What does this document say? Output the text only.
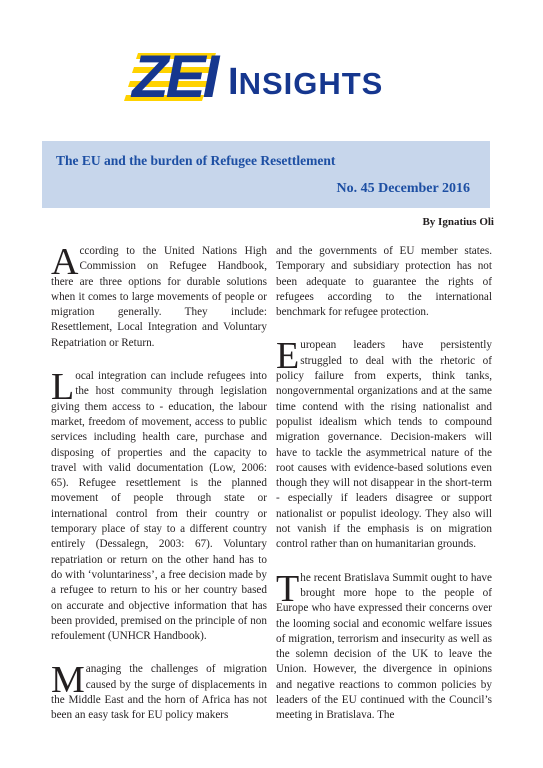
ZEI INSIGHTS
The EU and the burden of Refugee Resettlement
No. 45 December 2016
By Ignatius Oli

According to the United Nations High Commission on Refugee Handbook, there are three options for durable solutions when it comes to large movements of people or migration generally. They include: Resettlement, Local Integration and Voluntary Repatriation or Return.

Local integration can include refugees into the host community through legislation giving them access to - education, the labour market, freedom of movement, access to public services including health care, purchase and disposing of properties and the capacity to travel with valid documentation (Low, 2006: 65). Refugee resettlement is the planned movement of people through state or international control from their country or temporary place of stay to a different country entirely (Dessalegn, 2003: 67). Voluntary repatriation or return on the other hand has to do with ‘voluntariness’, a free decision made by a refugee to return to his or her country based on accurate and objective information that has been provided, premised on the principle of non refoulement (UNHCR Handbook).

Managing the challenges of migration caused by the surge of displacements in the Middle East and the horn of Africa has not been an easy task for EU policy makers

and the governments of EU member states. Temporary and subsidiary protection has not been adequate to guarantee the rights of refugees according to the international benchmark for refugee protection.

European leaders have persistently struggled to deal with the rhetoric of policy failure from experts, think tanks, nongovernmental organizations and at the same time contend with the rising nationalist and populist idealism which tends to compound migration governance. Decision-makers will have to tackle the asymmetrical nature of the root causes with evidence-based solutions even though they will not disappear in the short-term - especially if leaders disagree or support nationalist or populist ideology. They also will not vanish if the emphasis is on migration control rather than on humanitarian grounds.

The recent Bratislava Summit ought to have brought more hope to the people of Europe who have expressed their concerns over the looming social and economic welfare issues of migration, terrorism and insecurity as well as the solemn decision of the UK to leave the Union. However, the divergence in opinions and negative reactions to common policies by leaders of the EU continued with the Council’s meeting in Bratislava. The
